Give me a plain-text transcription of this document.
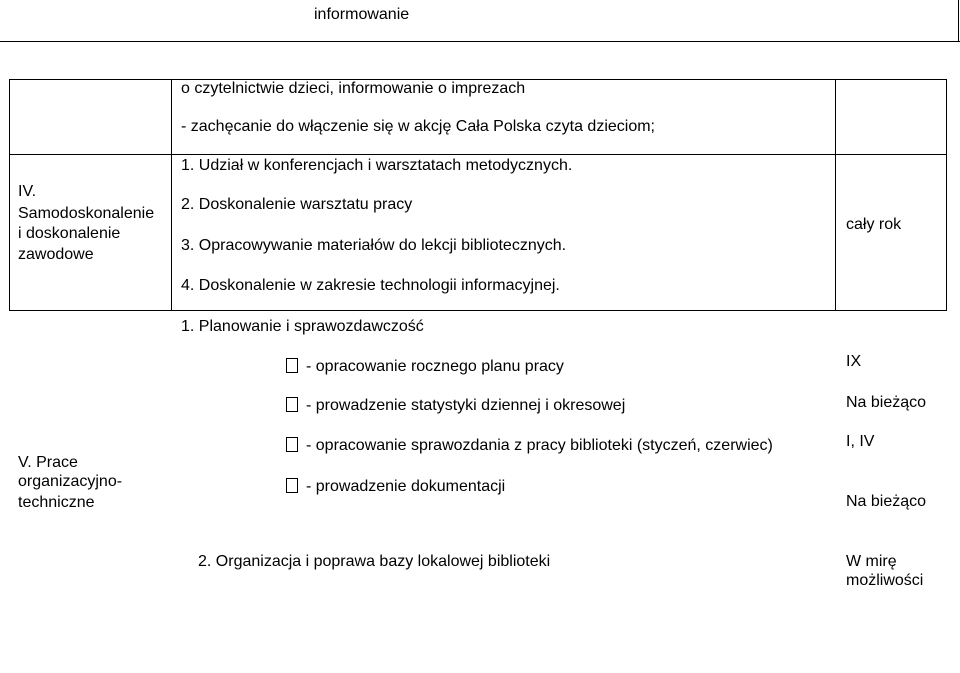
informowanie
o czytelnictwie dzieci, informowanie o imprezach
- zachęcanie do włączenie się w akcję Cała Polska czyta dzieciom;
IV.
Samodoskonalenie
i doskonalenie
zawodowe
1. Udział w konferencjach i warsztatach metodycznych.
2. Doskonalenie warsztatu pracy
3. Opracowywanie materiałów do lekcji bibliotecznych.
4. Doskonalenie w zakresie technologii informacyjnej.
cały rok
V. Prace
organizacyjno-
techniczne
1. Planowanie i sprawozdawczość
- opracowanie rocznego planu pracy
- prowadzenie statystyki dziennej i okresowej
- opracowanie sprawozdania z pracy biblioteki (styczeń, czerwiec)
- prowadzenie dokumentacji
IX
Na bieżąco
I, IV
Na bieżąco
2. Organizacja i poprawa bazy lokalowej biblioteki	W mirę
możliwości
